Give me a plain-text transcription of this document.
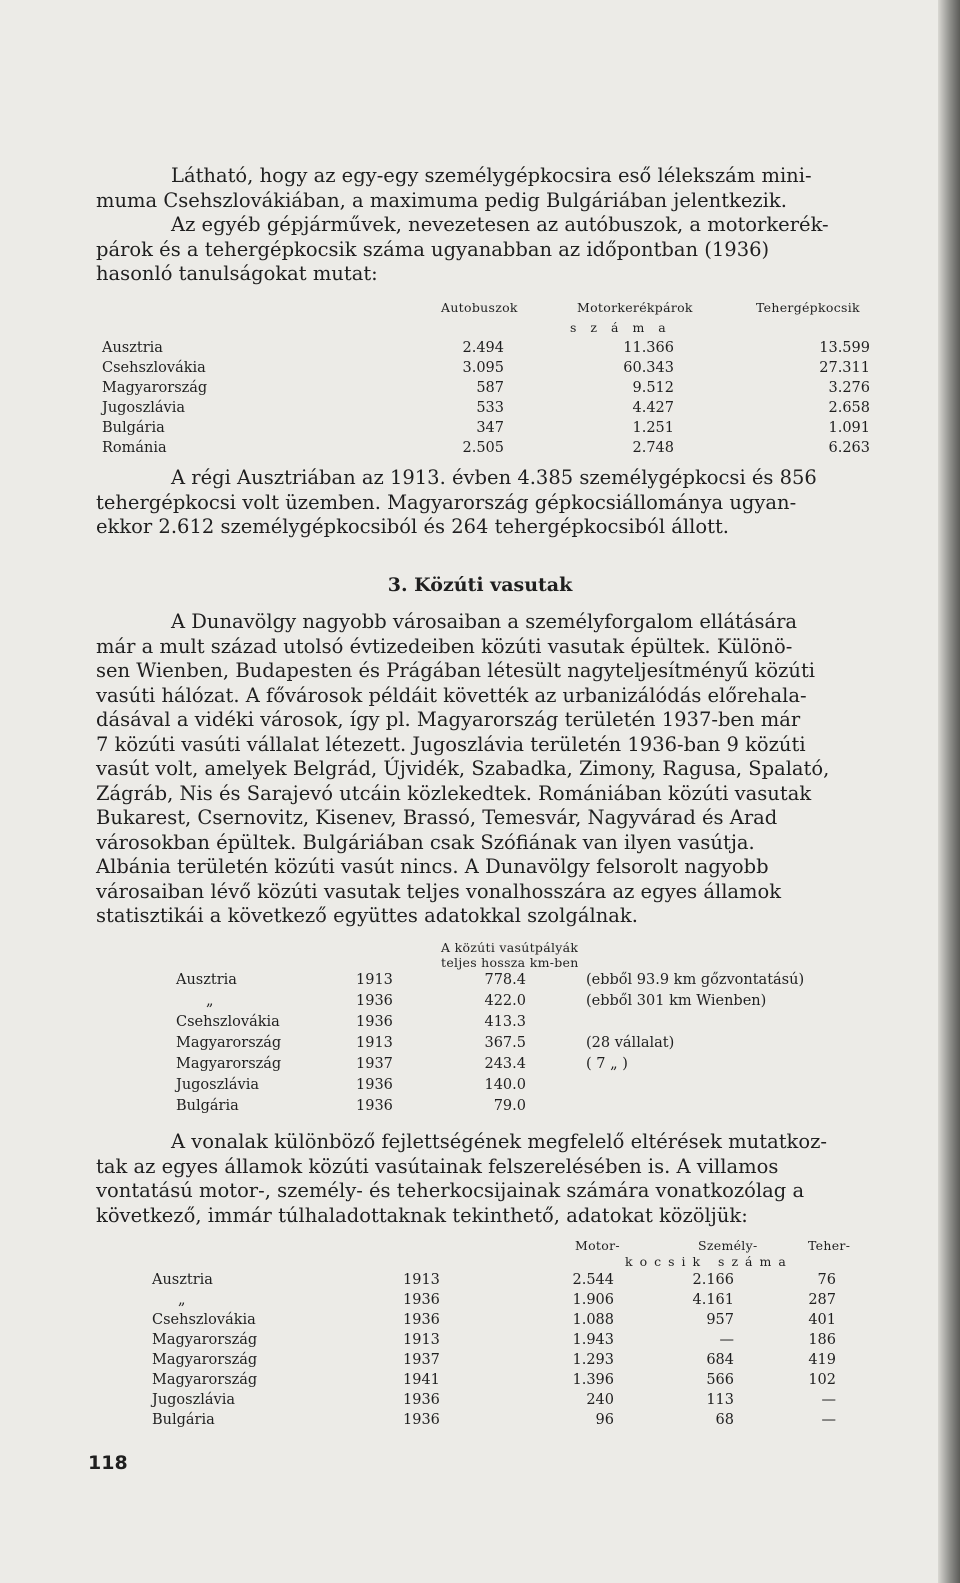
Látható, hogy az egy-egy személygépkocsira eső lélekszám mini-
muma Csehszlovákiában, a maximuma pedig Bulgáriában jelentkezik.
Az egyéb gépjárművek, nevezetesen az autóbuszok, a motorkerék-
párok és a tehergépkocsik száma ugyanabban az időpontban (1936)
hasonló tanulságokat mutat:
Autobuszok	Motorkerékpárok	Tehergépkocsik
száma
Ausztria	2.494	11.366	13.599
Csehszlovákia	3.095	60.343	27.311
Magyarország	587	9.512	3.276
Jugoszlávia	533	4.427	2.658
Bulgária	347	1.251	1.091
Románia	2.505	2.748	6.263
A régi Ausztriában az 1913. évben 4.385 személygépkocsi és 856
tehergépkocsi volt üzemben. Magyarország gépkocsiállománya ugyan-
ekkor 2.612 személygépkocsiból és 264 tehergépkocsiból állott.
3. Közúti vasutak
A Dunavölgy nagyobb városaiban a személyforgalom ellátására
már a mult század utolsó évtizedeiben közúti vasutak épültek. Különö-
sen Wienben, Budapesten és Prágában létesült nagyteljesítményű közúti
vasúti hálózat. A fővárosok példáit követték az urbanizálódás előrehala-
dásával a vidéki városok, így pl. Magyarország területén 1937-ben már
7 közúti vasúti vállalat létezett. Jugoszlávia területén 1936-ban 9 közúti
vasút volt, amelyek Belgrád, Újvidék, Szabadka, Zimony, Ragusa, Spalató,
Zágráb, Nis és Sarajevó utcáin közlekedtek. Romániában közúti vasutak
Bukarest, Csernovitz, Kisenev, Brassó, Temesvár, Nagyvárad és Arad
városokban épültek. Bulgáriában csak Szófiának van ilyen vasútja.
Albánia területén közúti vasút nincs. A Dunavölgy felsorolt nagyobb
városaiban lévő közúti vasutak teljes vonalhosszára az egyes államok
statisztikái a következő együttes adatokkal szolgálnak.
A közúti vasútpályák
teljes hossza km-ben
Ausztria	1913	778.4	(ebből 93.9 km gőzvontatású)
„	1936	422.0	(ebből 301 km Wienben)
Csehszlovákia	1936	413.3
Magyarország	1913	367.5	(28 vállalat)
Magyarország	1937	243.4	( 7 „ )
Jugoszlávia	1936	140.0
Bulgária	1936	79.0
A vonalak különböző fejlettségének megfelelő eltérések mutatkoz-
tak az egyes államok közúti vasútainak felszerelésében is. A villamos
vontatású motor-, személy- és teherkocsijainak számára vonatkozólag a
következő, immár túlhaladottaknak tekinthető, adatokat közöljük:
Motor-	Személy-	Teher-
kocsik száma
Ausztria	1913	2.544	2.166	76
„	1936	1.906	4.161	287
Csehszlovákia	1936	1.088	957	401
Magyarország	1913	1.943	—	186
Magyarország	1937	1.293	684	419
Magyarország	1941	1.396	566	102
Jugoszlávia	1936	240	113	—
Bulgária	1936	96	68	—
118
